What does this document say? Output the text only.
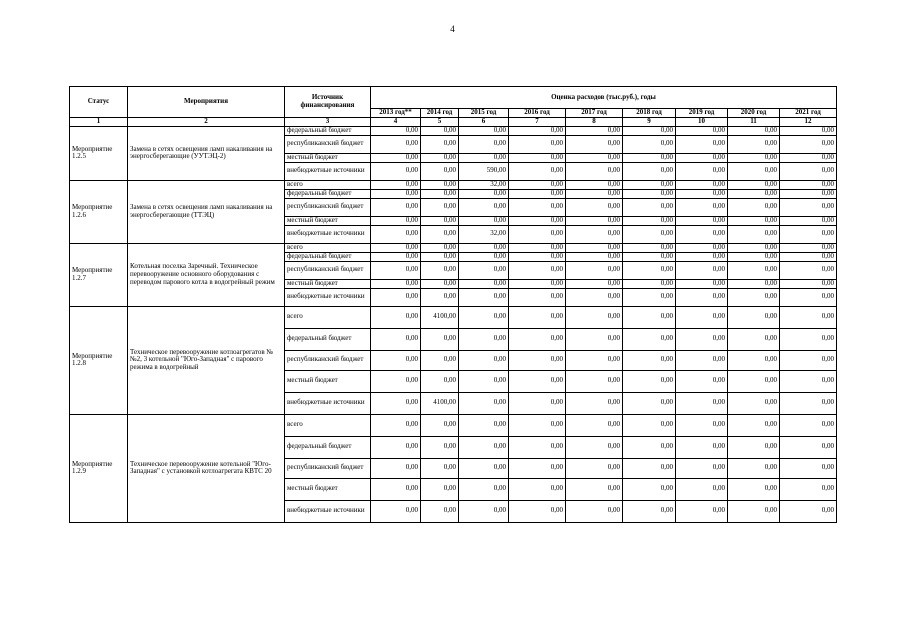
4
Статус	Мероприятия	Источник финансирования	Оценка расходов (тыс.руб.), годы								
			2013 год**	2014 год	2015 год	2016 год	2017 год	2018 год	2019 год	2020 год	2021 год
1	2	3	4	5	6	7	8	9	10	11	12
Мероприятие 1.2.5	Замена в сетях освещения ламп накаливания на энергосберегающие (УУТЭЦ-2)	федеральный бюджет	0,00	0,00	0,00	0,00	0,00	0,00	0,00	0,00	0,00
		республиканский бюджет	0,00	0,00	0,00	0,00	0,00	0,00	0,00	0,00	0,00
		местный бюджет	0,00	0,00	0,00	0,00	0,00	0,00	0,00	0,00	0,00
		внебюджетные источники	0,00	0,00	590,00	0,00	0,00	0,00	0,00	0,00	0,00
Мероприятие 1.2.6	Замена в сетях освещения ламп накаливания на энергосберегающие (ТТЭЦ)	всего	0,00	0,00	32,00	0,00	0,00	0,00	0,00	0,00	0,00
		федеральный бюджет	0,00	0,00	0,00	0,00	0,00	0,00	0,00	0,00	0,00
		республиканский бюджет	0,00	0,00	0,00	0,00	0,00	0,00	0,00	0,00	0,00
		местный бюджет	0,00	0,00	0,00	0,00	0,00	0,00	0,00	0,00	0,00
		внебюджетные источники	0,00	0,00	32,00	0,00	0,00	0,00	0,00	0,00	0,00
Мероприятие 1.2.7	Котельная поселка Заречный. Техническое перевооружение основного оборудования с переводом парового котла в водогрейный режим	всего	0,00	0,00	0,00	0,00	0,00	0,00	0,00	0,00	0,00
		федеральный бюджет	0,00	0,00	0,00	0,00	0,00	0,00	0,00	0,00	0,00
		республиканский бюджет	0,00	0,00	0,00	0,00	0,00	0,00	0,00	0,00	0,00
		местный бюджет	0,00	0,00	0,00	0,00	0,00	0,00	0,00	0,00	0,00
		внебюджетные источники	0,00	0,00	0,00	0,00	0,00	0,00	0,00	0,00	0,00
Мероприятие 1.2.8	Техническое перевооружение котлоагрегатов №№2, 3 котельной "Юго-Западная" с парового режима в водогрейный	всего	0,00	4100,00	0,00	0,00	0,00	0,00	0,00	0,00	0,00
		федеральный бюджет	0,00	0,00	0,00	0,00	0,00	0,00	0,00	0,00	0,00
		республиканский бюджет	0,00	0,00	0,00	0,00	0,00	0,00	0,00	0,00	0,00
		местный бюджет	0,00	0,00	0,00	0,00	0,00	0,00	0,00	0,00	0,00
		внебюджетные источники	0,00	4100,00	0,00	0,00	0,00	0,00	0,00	0,00	0,00
Мероприятие 1.2.9	Техническое перевооружение котельной "Юго-Западная" с установкой котлоагрегата КВТС 20	всего	0,00	0,00	0,00	0,00	0,00	0,00	0,00	0,00	0,00
		федеральный бюджет	0,00	0,00	0,00	0,00	0,00	0,00	0,00	0,00	0,00
		республиканский бюджет	0,00	0,00	0,00	0,00	0,00	0,00	0,00	0,00	0,00
		местный бюджет	0,00	0,00	0,00	0,00	0,00	0,00	0,00	0,00	0,00
		внебюджетные источники	0,00	0,00	0,00	0,00	0,00	0,00	0,00	0,00	0,00
